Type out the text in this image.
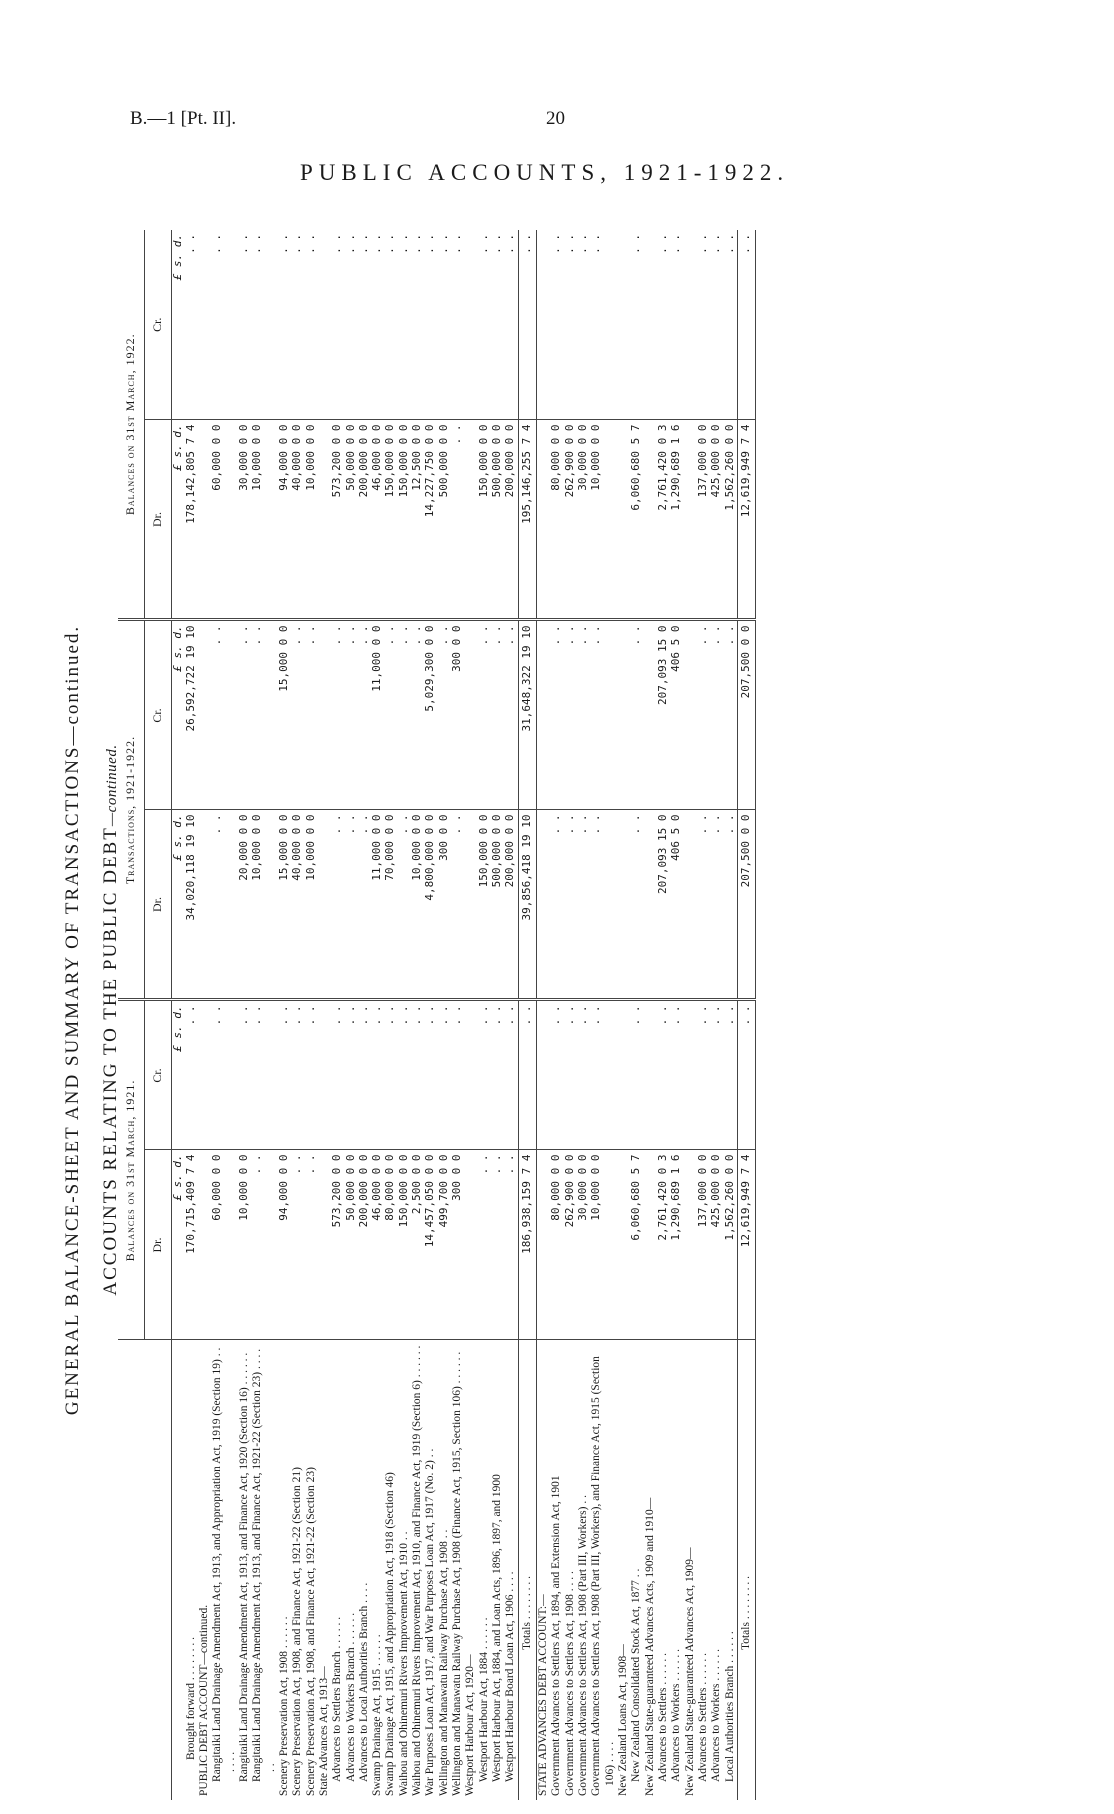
B.—1 [Pt. II].	20
PUBLIC ACCOUNTS, 1921-1922.
GENERAL BALANCE-SHEET AND SUMMARY OF TRANSACTIONS—continued. ACCOUNTS RELATING TO THE PUBLIC DEBT—continued.
	Balances on 31st March, 1921.		Transactions, 1921-1922.		Balances on 31st March, 1922.	
	Dr.	Cr.	Dr.	Cr.	Dr.	Cr.
	£ s. d.	£ s. d.	£ s. d.	£ s. d.	£ s. d.	£ s. d.
Brought forward . . . . . . . .	170,715,409 7 4	. .	34,020,118 19 10	26,592,722 19 10	178,142,805 7 4	. .
PUBLIC DEBT ACCOUNT—continued.						
Rangitaiki Land Drainage Amendment Act, 1913, and Appropriation Act, 1919 (Section 19) . . . . . .	60,000 0 0	. .	. .	. .	60,000 0 0	. .
Rangitaiki Land Drainage Amendment Act, 1913, and Finance Act, 1920 (Section 16) . . . . . .	10,000 0 0	. .	20,000 0 0	. .	30,000 0 0	. .
Rangitaiki Land Drainage Amendment Act, 1913, and Finance Act, 1921-22 (Section 23) . . . . . .	. .	. .	10,000 0 0	. .	10,000 0 0	. .
Scenery Preservation Act, 1908 . . . . . .	94,000 0 0	. .	15,000 0 0	15,000 0 0	94,000 0 0	. .
Scenery Preservation Act, 1908, and Finance Act, 1921-22 (Section 21)	. .	. .	40,000 0 0	. .	40,000 0 0	. .
Scenery Preservation Act, 1908, and Finance Act, 1921-22 (Section 23)	. .	. .	10,000 0 0	. .	10,000 0 0	. .
State Advances Act, 1913—						
Advances to Settlers Branch . . . . . .	573,200 0 0	. .	. .	. .	573,200 0 0	. .
Advances to Workers Branch . . . . . .	50,000 0 0	. .	. .	. .	50,000 0 0	. .
Advances to Local Authorities Branch . . . .	200,000 0 0	. .	. .	. .	200,000 0 0	. .
Swamp Drainage Act, 1915 . . . . . .	46,000 0 0	. .	11,000 0 0	11,000 0 0	46,000 0 0	. .
Swamp Drainage Act, 1915, and Appropriation Act, 1918 (Section 46)	80,000 0 0	. .	70,000 0 0	. .	150,000 0 0	. .
Waihou and Ohinemuri Rivers Improvement Act, 1910 . .	150,000 0 0	. .	. .	. .	150,000 0 0	. .
Waihou and Ohinemuri Rivers Improvement Act, 1910, and Finance Act, 1919 (Section 6) . . . . . .	2,500 0 0	. .	10,000 0 0	. .	12,500 0 0	. .
War Purposes Loan Act, 1917, and War Purposes Loan Act, 1917 (No. 2) . .	14,457,050 0 0	. .	4,800,000 0 0	5,029,300 0 0	14,227,750 0 0	. .
Wellington and Manawatu Railway Purchase Act, 1908 . .	499,700 0 0	. .	300 0 0	. .	500,000 0 0	. .
Wellington and Manawatu Railway Purchase Act, 1908 (Finance Act, 1915, Section 106) . . . . . .	300 0 0	. .	. .	300 0 0	. .	. .
Westport Harbour Act, 1920—						
Westport Harbour Act, 1884 . . . . . .	. .	. .	150,000 0 0	. .	150,000 0 0	. .
Westport Harbour Act, 1884, and Loan Acts, 1896, 1897, and 1900	. .	. .	500,000 0 0	. .	500,000 0 0	. .
Westport Harbour Board Loan Act, 1906 . . . .	. .	. .	200,000 0 0	. .	200,000 0 0	. .
Totals . . . . . . . .	186,938,159 7 4	. .	39,856,418 19 10	31,648,322 19 10	195,146,255 7 4	. .
STATE ADVANCES DEBT ACCOUNT:—						
Government Advances to Settlers Act, 1894, and Extension Act, 1901	80,000 0 0	. .	. .	. .	80,000 0 0	. .
Government Advances to Settlers Act, 1908 . . . .	262,900 0 0	. .	. .	. .	262,900 0 0	. .
Government Advances to Settlers Act, 1908 (Part III, Workers) . .	30,000 0 0	. .	. .	. .	30,000 0 0	. .
Government Advances to Settlers Act, 1908 (Part III, Workers), and Finance Act, 1915 (Section 106) . . . .	10,000 0 0	. .	. .	. .	10,000 0 0	. .
New Zealand Loans Act, 1908—						
New Zealand Consolidated Stock Act, 1877 . .	6,060,680 5 7	. .	. .	. .	6,060,680 5 7	. .
New Zealand State-guaranteed Advances Acts, 1909 and 1910—						
Advances to Settlers . . . . . .	2,761,420 0 3	. .	207,093 15 0	207,093 15 0	2,761,420 0 3	. .
Advances to Workers . . . . . .	1,290,689 1 6	. .	406 5 0	406 5 0	1,290,689 1 6	. .
New Zealand State-guaranteed Advances Act, 1909—						
Advances to Settlers . . . . . .	137,000 0 0	. .	. .	. .	137,000 0 0	. .
Advances to Workers . . . . . .	425,000 0 0	. .	. .	. .	425,000 0 0	. .
Local Authorities Branch . . . . . .	1,562,260 0 0	. .	. .	. .	1,562,260 0 0	. .
Totals . . . . . . . .	12,619,949 7 4	. .	207,500 0 0	207,500 0 0	12,619,949 7 4	. .
